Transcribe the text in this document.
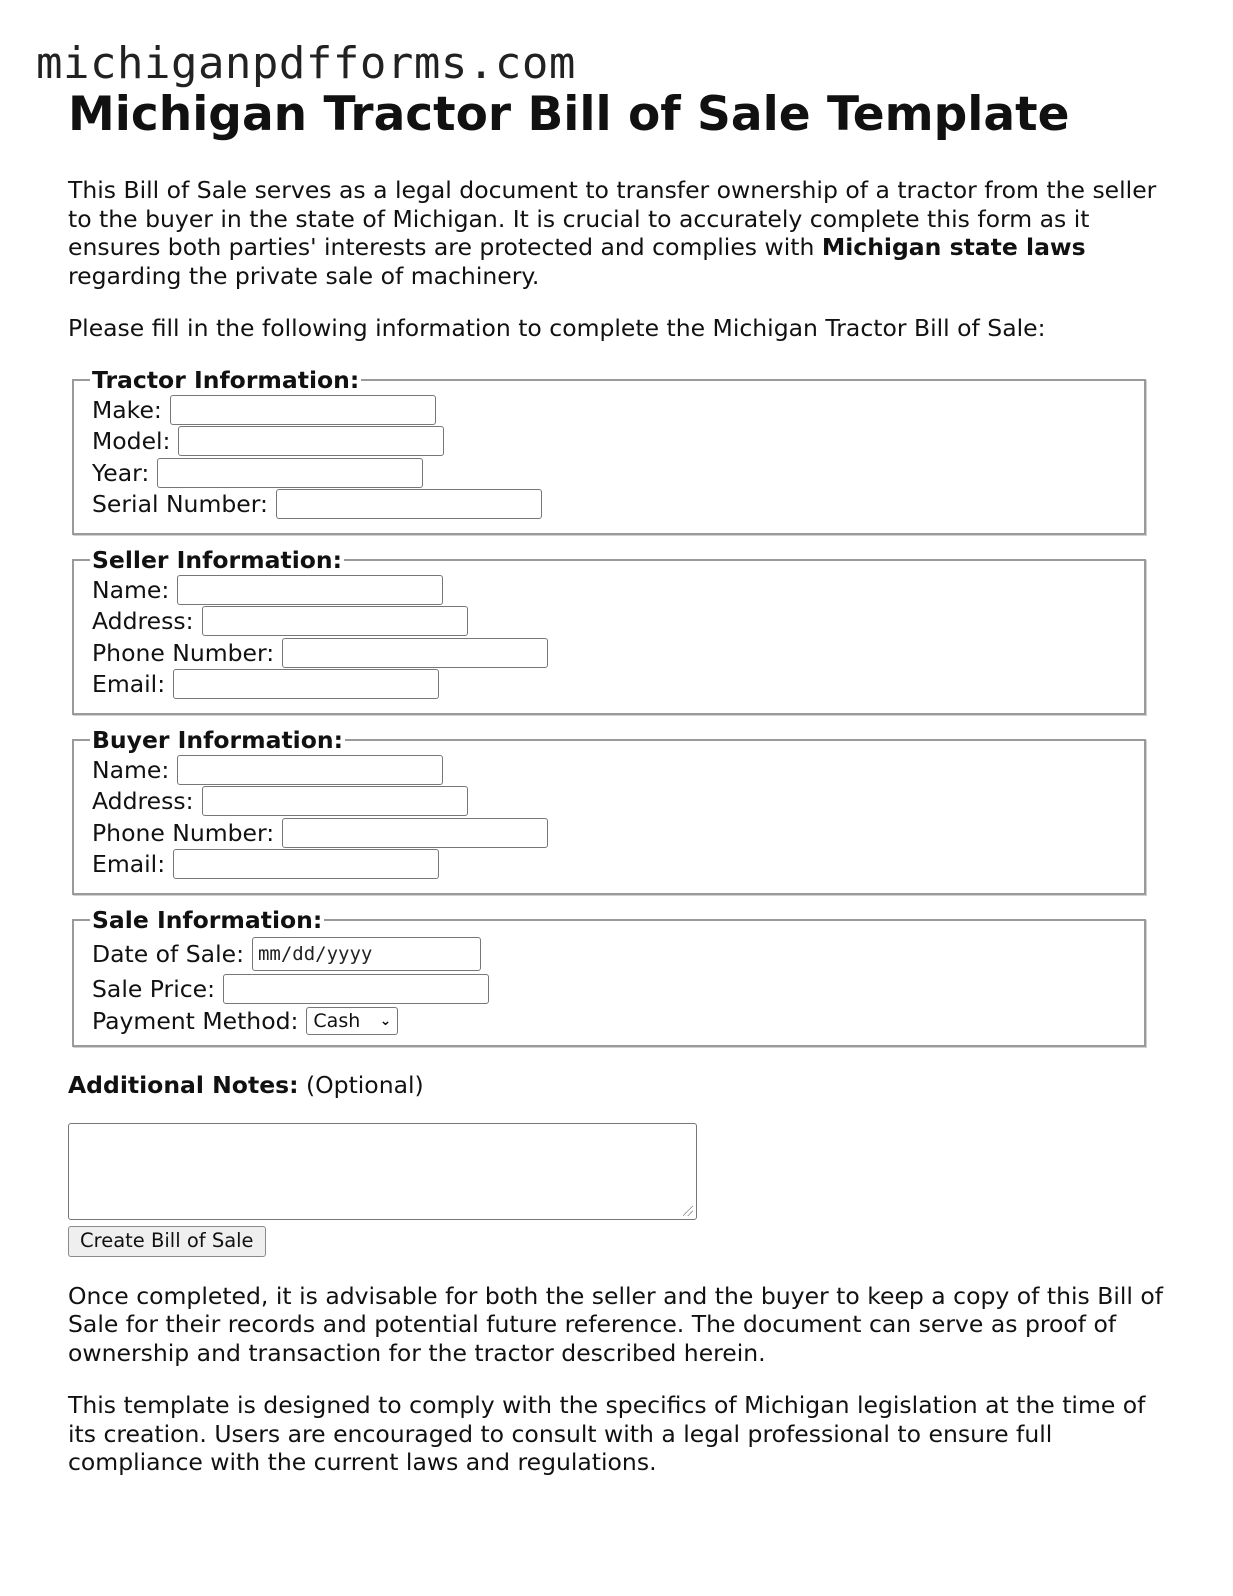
michiganpdfforms.com
Michigan Tractor Bill of Sale Template

This Bill of Sale serves as a legal document to transfer ownership of a tractor from the seller to the buyer in the state of Michigan. It is crucial to accurately complete this form as it ensures both parties' interests are protected and complies with Michigan state laws regarding the private sale of machinery.

Please fill in the following information to complete the Michigan Tractor Bill of Sale:

Tractor Information:
Make:
Model:
Year:
Serial Number:
Seller Information:
Name:
Address:
Phone Number:
Email:
Buyer Information:
Name:
Address:
Phone Number:
Email:
Sale Information:
Date of Sale: mm/dd/yyyy
Sale Price:
Payment Method: Cash ⌄
Additional Notes: (Optional)
Create Bill of Sale

Once completed, it is advisable for both the seller and the buyer to keep a copy of this Bill of Sale for their records and potential future reference. The document can serve as proof of ownership and transaction for the tractor described herein.

This template is designed to comply with the specifics of Michigan legislation at the time of its creation. Users are encouraged to consult with a legal professional to ensure full compliance with the current laws and regulations.
